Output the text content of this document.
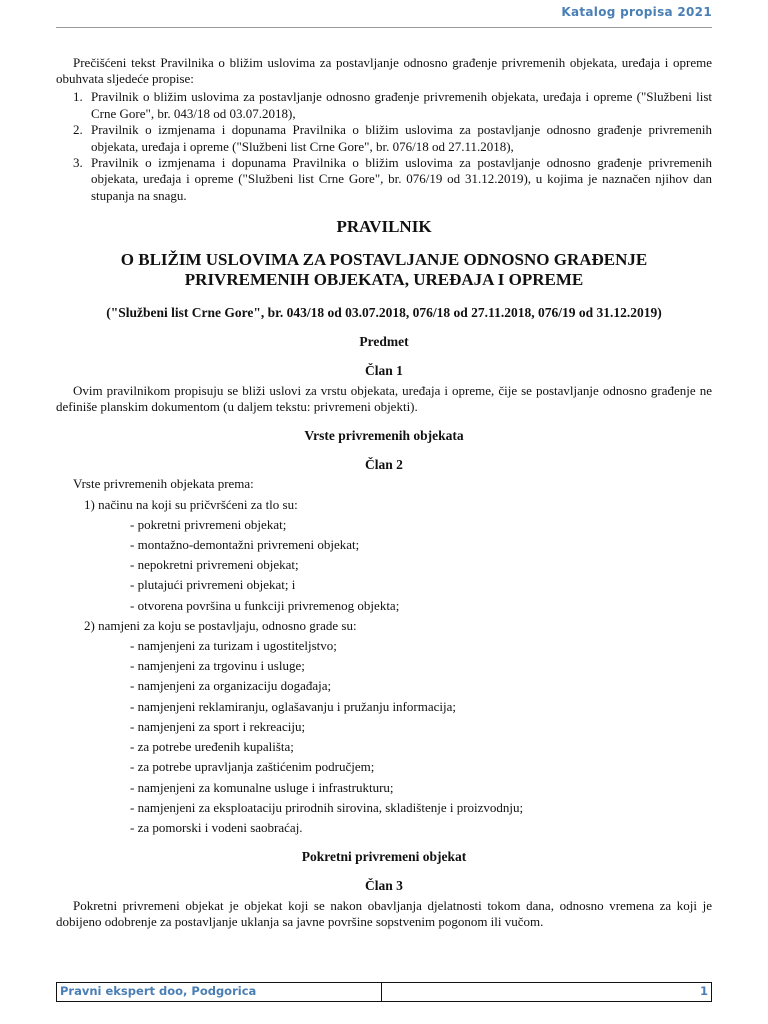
Katalog propisa 2021

Prečišćeni tekst Pravilnika o bližim uslovima za postavljanje odnosno građenje privremenih objekata, uređaja i opreme obuhvata sljedeće propise:

1. Pravilnik o bližim uslovima za postavljanje odnosno građenje privremenih objekata, uređaja i opreme ("Službeni list Crne Gore", br. 043/18 od 03.07.2018),
2. Pravilnik o izmjenama i dopunama Pravilnika o bližim uslovima za postavljanje odnosno građenje privremenih objekata, uređaja i opreme ("Službeni list Crne Gore", br. 076/18 od 27.11.2018),
3. Pravilnik o izmjenama i dopunama Pravilnika o bližim uslovima za postavljanje odnosno građenje privremenih objekata, uređaja i opreme ("Službeni list Crne Gore", br. 076/19 od 31.12.2019), u kojima je naznačen njihov dan stupanja na snagu.
PRAVILNIK
O BLIŽIM USLOVIMA ZA POSTAVLJANJE ODNOSNO GRAĐENJE
PRIVREMENIH OBJEKATA, UREĐAJA I OPREME
("Službeni list Crne Gore", br. 043/18 od 03.07.2018, 076/18 od 27.11.2018, 076/19 od 31.12.2019)
Predmet
Član 1

Ovim pravilnikom propisuju se bliži uslovi za vrstu objekata, uređaja i opreme, čije se postavljanje odnosno građenje ne definiše planskim dokumentom (u daljem tekstu: privremeni objekti).

Vrste privremenih objekata
Član 2

Vrste privremenih objekata prema:

1) načinu na koji su pričvršćeni za tlo su:

- pokretni privremeni objekat;

- montažno-demontažni privremeni objekat;

- nepokretni privremeni objekat;

- plutajući privremeni objekat; i

- otvorena površina u funkciji privremenog objekta;

2) namjeni za koju se postavljaju, odnosno grade su:

- namjenjeni za turizam i ugostiteljstvo;

- namjenjeni za trgovinu i usluge;

- namjenjeni za organizaciju događaja;

- namjenjeni reklamiranju, oglašavanju i pružanju informacija;

- namjenjeni za sport i rekreaciju;

- za potrebe uređenih kupališta;

- za potrebe upravljanja zaštićenim područjem;

- namjenjeni za komunalne usluge i infrastrukturu;

- namjenjeni za eksploataciju prirodnih sirovina, skladištenje i proizvodnju;

- za pomorski i vodeni saobraćaj.

Pokretni privremeni objekat
Član 3

Pokretni privremeni objekat je objekat koji se nakon obavljanja djelatnosti tokom dana, odnosno vremena za koji je dobijeno odobrenje za postavljanje uklanja sa javne površine sopstvenim pogonom ili vučom.

Pravni ekspert doo, Podgorica	1
